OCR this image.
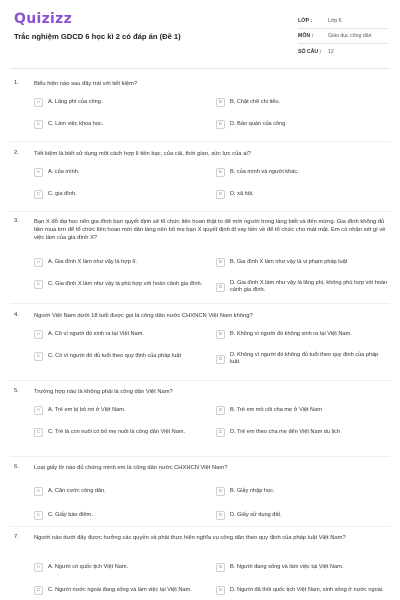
Quizizz
Trắc nghiệm GDCD 6 học kì 2 có đáp án (Đề 1)
LỚP :	Lớp 6
MÔN :	Giáo dục công dân
SỐ CÂU :	12
1.	Biểu hiện nào sau đây trái với tiết kiệm?
A	A. Lãng phí của công.	B	B. Chặt chẽ chi tiêu.
C	C. Làm việc khoa học.	D	D. Bảo quản của công
2.	Tiết kiệm là biết sử dụng một cách hợp lí tiền bạc, của cải, thời gian, sức lực của ai?
A	A. của mình.	B	B. của mình và người khác.
C	C. gia đình.	D	D. xã hội.
3.	Bạn X đỗ đại học nên gia đình bạn quyết định sẽ tổ chức liên hoan thật to để mời người trong làng biết và đến mừng. Gia đình không đủ tiền mua lơn để tổ chức liên hoan mời dân làng nên bố mẹ bạn X quyết định đi vay tiền về để tổ chức cho mát mặt. Em có nhận xét gì về việc làm của gia đình X?
A	A. Gia đình X làm như vậy là hợp lí.	B	B. Gia đình X làm như vậy là vi phạm pháp luật
C	C. Gia đình X làm như vậy là phù hợp với hoàn cảnh gia đình.	D
D. Gia đình X làm như vậy là lãng phí, không phù hợp với hoàn cảnh gia đình.
4.	Người Việt Nam dưới 18 tuổi được gọi là công dân nước CHXNCN Việt Nam không?
A	A. Có vì người đó sinh ra tại Việt Nam.	B	B. Không vì người đó không sinh ra tại Việt Nam.
C	C. Có vì người đó đủ tuổi theo quy định của pháp luật	D
D. Không vì người đó không đủ tuổi theo quy định của pháp luật.
5.	Trường hợp nào là không phải là công dân Việt Nam?
A	A. Trẻ em bị bỏ rơi ở Việt Nam.	B	B. Trẻ em mồ côi cha mẹ ở Việt Nam
C	C. Trẻ là con nuôi có bố mẹ nuôi là công dân Việt Nam.	D	D. Trẻ em theo cha mẹ đến Việt Nam du lịch
6.	Loại giấy tờ nào đủ chứng minh em là công dân nước CHXHCN Việt Nam?
A	A. Căn cước công dân.	B	B. Giấy nhập học.
C	C. Giấy báo điểm.	D	D. Giấy sử dụng đất.
7.	Người nào dưới đây được hưởng các quyền và phải thực hiện nghĩa vụ công dân theo quy định của pháp luật Việt Nam?
A	A. Người có quốc tịch Việt Nam.	B	B. Người đang sống và làm việc tại Việt Nam.
C	C. Người nước ngoài đang sống và làm việc tại Việt Nam.	D	D. Người đã thôi quốc tịch Việt Nam, sinh sống ở nước ngoài.
